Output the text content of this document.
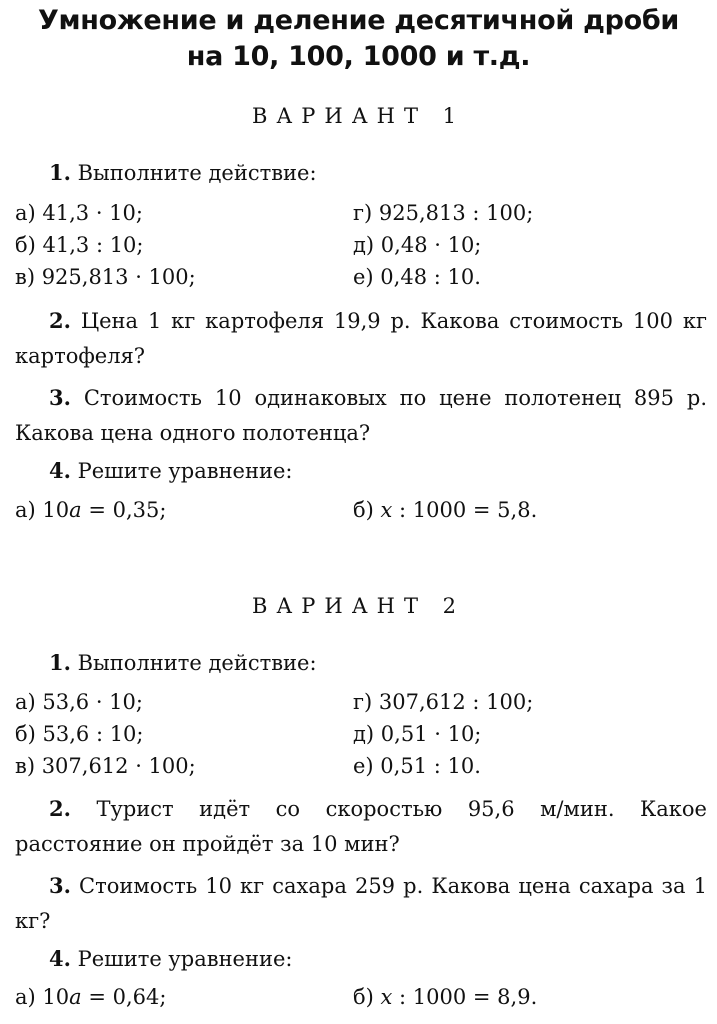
Умножение и деление десятичной дроби
на 10, 100, 1000 и т.д.
ВАРИАНТ 1
1. Выполните действие:
а) 41,3 · 10;	г) 925,813 : 100;
б) 41,3 : 10;	д) 0,48 · 10;
в) 925,813 · 100;	е) 0,48 : 10.
2. Цена 1 кг картофеля 19,9 р. Какова стоимость 100 кг картофеля?
3. Стоимость 10 одинаковых по цене полотенец 895 р. Какова цена одного полотенца?
4. Решите уравнение:
а) 10a = 0,35;	б) x : 1000 = 5,8.
ВАРИАНТ 2
1. Выполните действие:
а) 53,6 · 10;	г) 307,612 : 100;
б) 53,6 : 10;	д) 0,51 · 10;
в) 307,612 · 100;	е) 0,51 : 10.
2. Турист идёт со скоростью 95,6 м/мин. Какое расстояние он пройдёт за 10 мин?
3. Стоимость 10 кг сахара 259 р. Какова цена сахара за 1 кг?
4. Решите уравнение:
а) 10a = 0,64;	б) x : 1000 = 8,9.
